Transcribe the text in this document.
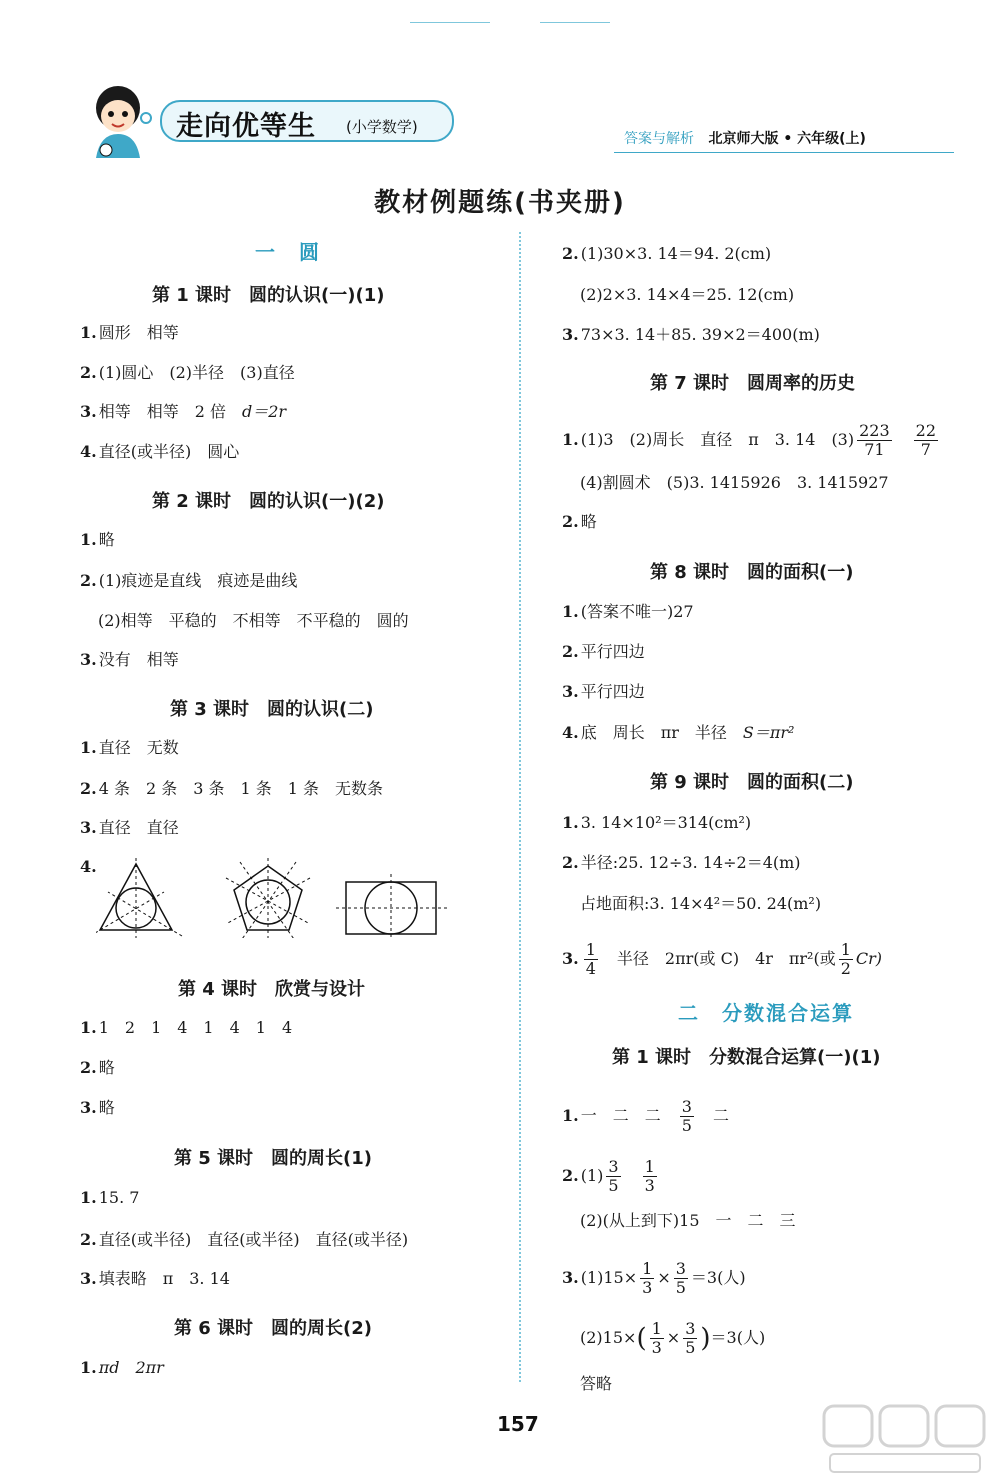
走向优等生 (小学数学)
答案与解析 北京师大版 • 六年级(上)
教材例题练(书夹册)
一　圆
第 1 课时　圆的认识(一)(1)
1. 圆形　相等
2. (1)圆心　(2)半径　(3)直径
3. 相等　相等　2 倍　d＝2r
4. 直径(或半径)　圆心
第 2 课时　圆的认识(一)(2)
1. 略
2. (1)痕迹是直线　痕迹是曲线
(2)相等　平稳的　不相等　不平稳的　圆的
3. 没有　相等
第 3 课时　圆的认识(二)
1. 直径　无数
2. 4 条　2 条　3 条　1 条　1 条　无数条
3. 直径　直径
4.
第 4 课时　欣赏与设计
1. 1　2　1　4　1　4　1　4
2. 略
3. 略
第 5 课时　圆的周长(1)
1. 15. 7
2. 直径(或半径)　直径(或半径)　直径(或半径)
3. 填表略　π　3. 14
第 6 课时　圆的周长(2)
1. πd　2πr
2. (1)30×3. 14＝94. 2(cm)
(2)2×3. 14×4＝25. 12(cm)
3. 73×3. 14＋85. 39×2＝400(m)
第 7 课时　圆周率的历史
1. (1)3　(2)周长　直径　π　3. 14　$(3) \frac{223}{71}$
　 $\frac{22}{7}$
(4)割圆术　(5)3. 1415926　3. 1415927
2. 略
第 8 课时　圆的面积(一)
1. (答案不唯一)27
2. 平行四边
3. 平行四边
4. 底　周长　πr　半径　S＝πr²
第 9 课时　圆的面积(二)
1. 3. 14×10²＝314(cm²)
2. 半径:25. 12÷3. 14÷2＝4(m)
占地面积:3. 14×4²＝50. 24(m²)
3. $\frac{1}{4}$
　 半径　2πr(或 C)　4r　πr²(或 $\frac{1}{2} Cr$)
二　分数混合运算
第 1 课时　分数混合运算(一)(1)
1. 一　二　二　 $\frac{3}{5}$
　 二
2. $(1) \frac{3}{5}$
　 $\frac{1}{3}$
(2)(从上到下)15　一　二　三
3. $(1)15\times \frac{1}{3} \times \frac{3}{5} =3$(人)
$(2)15\times( \frac{1}{3} \times \frac{3}{5} )=3$(人)
答略
157
